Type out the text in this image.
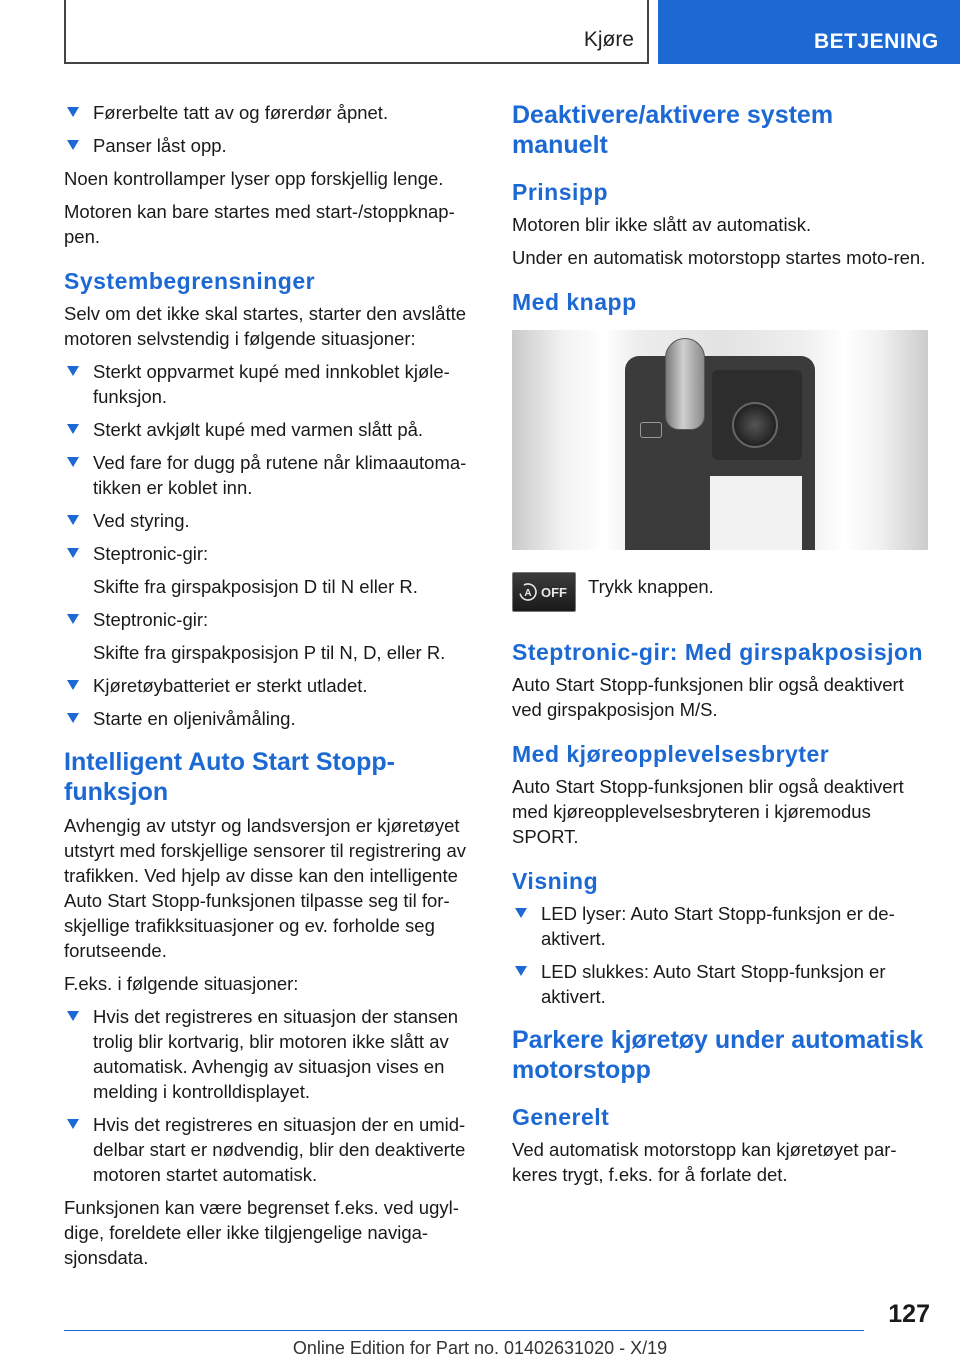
Kjøre	BETJENING
Førerbelte tatt av og førerdør åpnet.
Panser låst opp.

Noen kontrollamper lyser opp forskjellig lenge.

Motoren kan bare startes med start-/stoppknap-pen.

Systembegrensninger

Selv om det ikke skal startes, starter den avslåtte motoren selvstendig i følgende situasjoner:

Sterkt oppvarmet kupé med innkoblet kjøle-funksjon.
Sterkt avkjølt kupé med varmen slått på.
Ved fare for dugg på rutene når klimaautoma-tikken er koblet inn.
Ved styring.
Steptronic-gir:
Skifte fra girspakposisjon D til N eller R.
Steptronic-gir:
Skifte fra girspakposisjon P til N, D, eller R.
Kjøretøybatteriet er sterkt utladet.
Starte en oljenivåmåling.
Intelligent Auto Start Stopp-funksjon

Avhengig av utstyr og landsversjon er kjøretøyet utstyrt med forskjellige sensorer til registrering av trafikken. Ved hjelp av disse kan den intelligente Auto Start Stopp-funksjonen tilpasse seg til for-skjellige trafikksituasjoner og ev. forholde seg forutseende.

F.eks. i følgende situasjoner:

Hvis det registreres en situasjon der stansen trolig blir kortvarig, blir motoren ikke slått av automatisk. Avhengig av situasjon vises en melding i kontrolldisplayet.
Hvis det registreres en situasjon der en umid-delbar start er nødvendig, blir den deaktiverte motoren startet automatisk.

Funksjonen kan være begrenset f.eks. ved ugyl-dige, foreldete eller ikke tilgjengelige naviga-sjonsdata.

Deaktivere/aktivere system manuelt
Prinsipp

Motoren blir ikke slått av automatisk.

Under en automatisk motorstopp startes moto-ren.

Med knapp
A OFF Trykk knappen.
Steptronic-gir: Med girspakposisjon

Auto Start Stopp-funksjonen blir også deaktivert ved girspakposisjon M/S.

Med kjøreopplevelsesbryter

Auto Start Stopp-funksjonen blir også deaktivert med kjøreopplevelsesbryteren i kjøremodus SPORT.

Visning
LED lyser: Auto Start Stopp-funksjon er de-aktivert.
LED slukkes: Auto Start Stopp-funksjon er aktivert.
Parkere kjøretøy under automatisk motorstopp
Generelt

Ved automatisk motorstopp kan kjøretøyet par-keres trygt, f.eks. for å forlate det.

127
Online Edition for Part no. 01402631020 - X/19
